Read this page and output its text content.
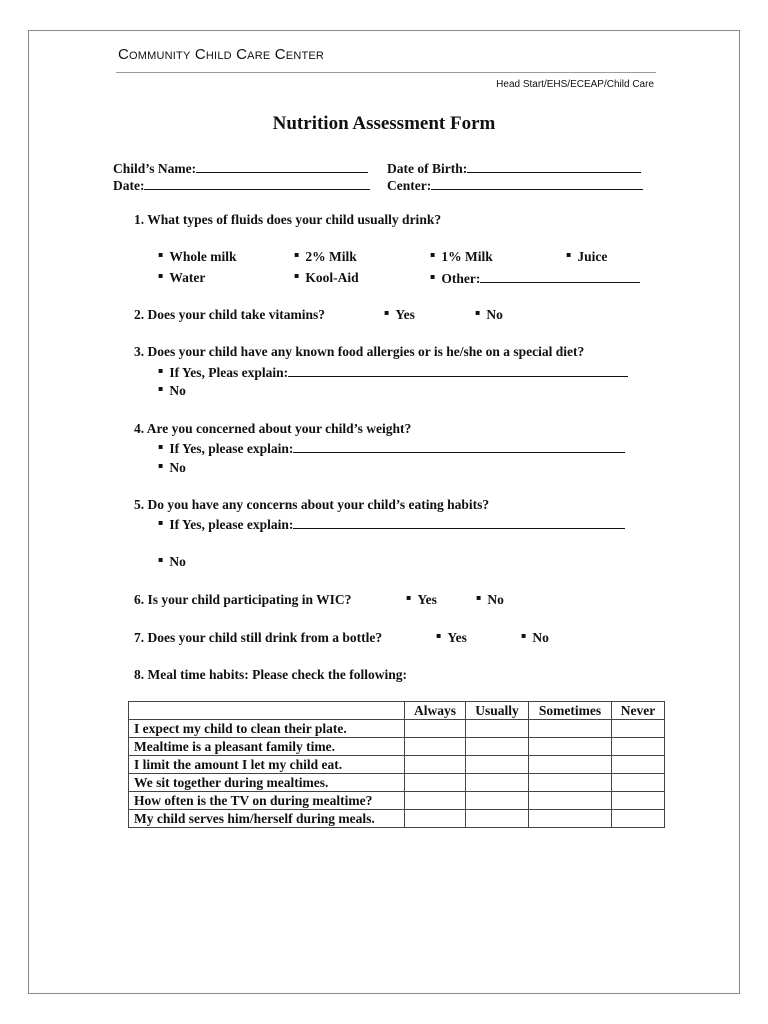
Community Child Care Center
Head Start/EHS/ECEAP/Child Care
Nutrition Assessment Form
Child’s Name:	Date of Birth:
Date:	Center:
1. What types of fluids does your child usually drink?
▪ Whole milk	▪ 2% Milk	▪ 1% Milk	▪ Juice
▪ Water	▪ Kool-Aid	▪ Other:
2. Does your child take vitamins?	▪ Yes	▪ No
3. Does your child have any known food allergies or is he/she on a special diet?
▪ If Yes, Pleas explain:
▪ No
4. Are you concerned about your child’s weight?
▪ If Yes, please explain:
▪ No
5. Do you have any concerns about your child’s eating habits?
▪ If Yes, please explain:
▪ No
6. Is your child participating in WIC?	▪ Yes	▪ No
7. Does your child still drink from a bottle?	▪ Yes	▪ No
8. Meal time habits: Please check the following:
	Always	Usually	Sometimes	Never
I expect my child to clean their plate.				
Mealtime is a pleasant family time.				
I limit the amount I let my child eat.				
We sit together during mealtimes.				
How often is the TV on during mealtime?				
My child serves him/herself during meals.				
